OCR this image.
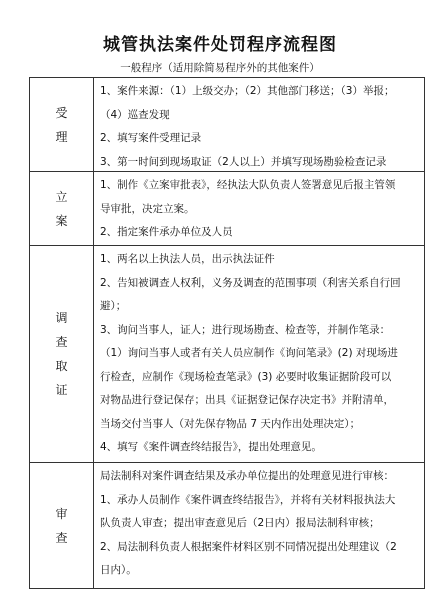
城管执法案件处罚程序流程图
一般程序（适用除简易程序外的其他案件）
受
理
1、案件来源：（1）上级交办；（2）其他部门移送；（3）举报；
（4）巡查发现
2、填写案件受理记录
3、第一时间到现场取证（2人以上）并填写现场勘验检查记录
立
案
1、制作《立案审批表》，经执法大队负责人签署意见后报主管领
导审批，决定立案。
2、指定案件承办单位及人员
调
查
取
证
1、两名以上执法人员，出示执法证件
2、告知被调查人权利，义务及调查的范围事项（利害关系自行回
避）；
3、询问当事人，证人；进行现场勘查、检查等，并制作笔录：
（1）询问当事人或者有关人员应制作《询问笔录》(2) 对现场进
行检查，应制作《现场检查笔录》(3) 必要时收集证据阶段可以
对物品进行登记保存；出具《证据登记保存决定书》并附清单，
当场交付当事人（对先保存物品 7 天内作出处理决定）；
4、填写《案件调查终结报告》，提出处理意见。
审
查
局法制科对案件调查结果及承办单位提出的处理意见进行审核：
1、承办人员制作《案件调查终结报告》，并将有关材料报执法大
队负责人审查；提出审查意见后（2日内）报局法制科审核；
2、局法制科负责人根据案件材料区别不同情况提出处理建议（2
日内）。
